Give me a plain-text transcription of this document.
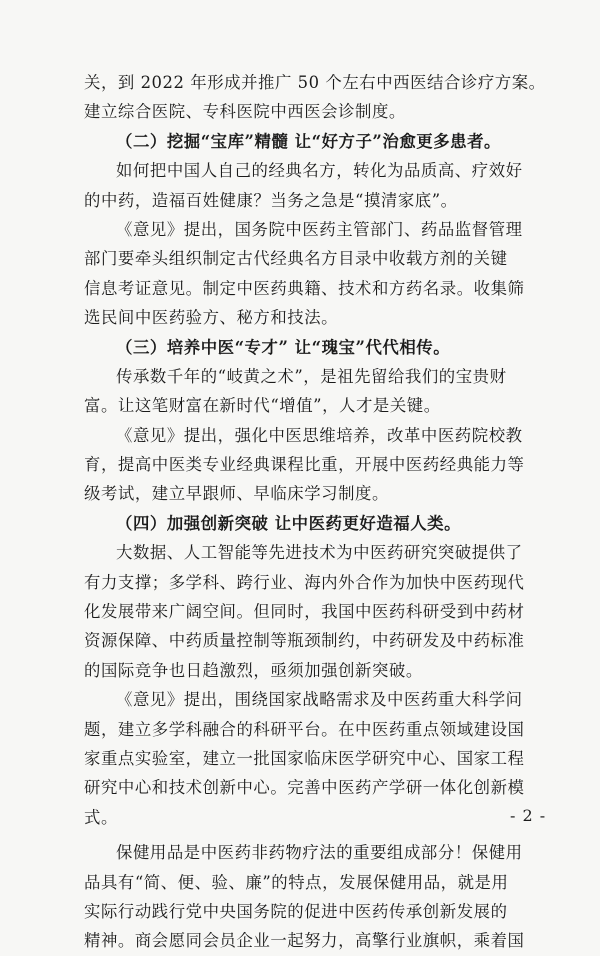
关，到 2022 年形成并推广 50 个左右中西医结合诊疗方案。
建立综合医院、专科医院中西医会诊制度。
（二）挖掘“宝库”精髓 让“好方子”治愈更多患者。
如何把中国人自己的经典名方，转化为品质高、疗效好
的中药，造福百姓健康？当务之急是“摸清家底”。
《意见》提出，国务院中医药主管部门、药品监督管理
部门要牵头组织制定古代经典名方目录中收载方剂的关键
信息考证意见。制定中医药典籍、技术和方药名录。收集筛
选民间中医药验方、秘方和技法。
（三）培养中医“专才” 让“瑰宝”代代相传。
传承数千年的“岐黄之术”，是祖先留给我们的宝贵财
富。让这笔财富在新时代“增值”，人才是关键。
《意见》提出，强化中医思维培养，改革中医药院校教
育，提高中医类专业经典课程比重，开展中医药经典能力等
级考试，建立早跟师、早临床学习制度。
（四）加强创新突破 让中医药更好造福人类。
大数据、人工智能等先进技术为中医药研究突破提供了
有力支撑；多学科、跨行业、海内外合作为加快中医药现代
化发展带来广阔空间。但同时，我国中医药科研受到中药材
资源保障、中药质量控制等瓶颈制约，中药研发及中药标准
的国际竞争也日趋激烈，亟须加强创新突破。
《意见》提出，围绕国家战略需求及中医药重大科学问
题，建立多学科融合的科研平台。在中医药重点领域建设国
家重点实验室，建立一批国家临床医学研究中心、国家工程
研究中心和技术创新中心。完善中医药产学研一体化创新模
式。
保健用品是中医药非药物疗法的重要组成部分！保健用
品具有“简、便、验、廉”的特点，发展保健用品，就是用
实际行动践行党中央国务院的促进中医药传承创新发展的
精神。商会愿同会员企业一起努力，高擎行业旗帜，乘着国
- 2 -
